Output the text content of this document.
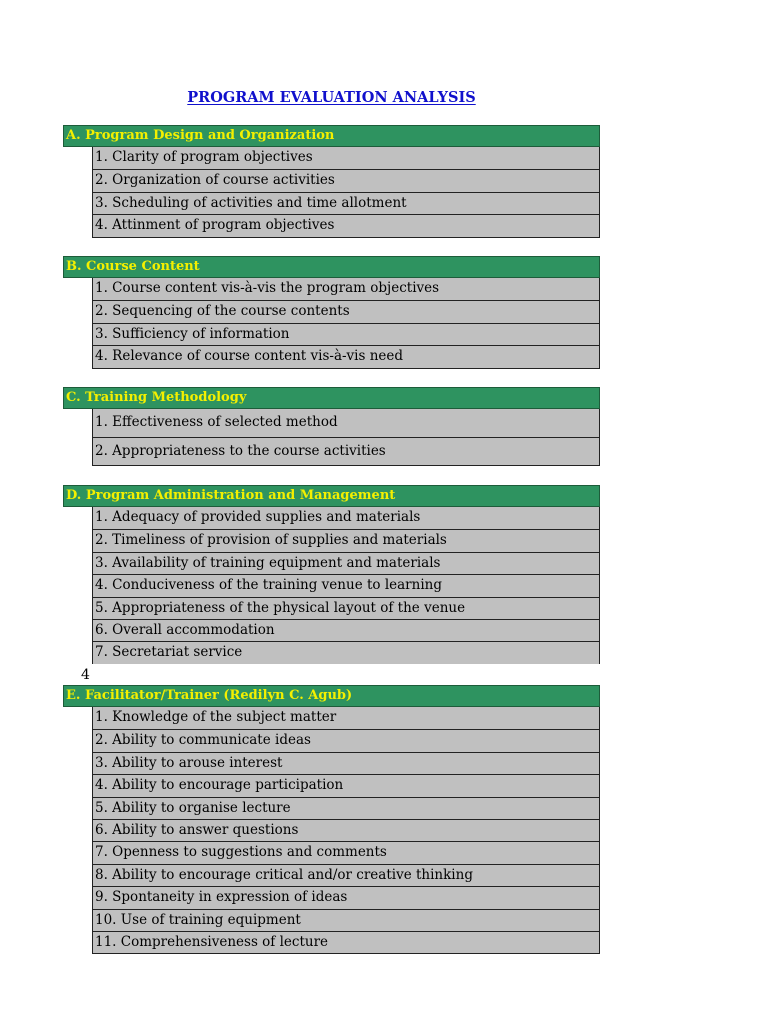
PROGRAM EVALUATION ANALYSIS
A. Program Design and Organization
1. Clarity of program objectives
2. Organization of course activities
3. Scheduling of activities and time allotment
4. Attinment of program objectives
B. Course Content
1. Course content vis-à-vis the program objectives
2. Sequencing of the course contents
3. Sufficiency of information
4. Relevance of course content vis-à-vis need
C. Training Methodology
1. Effectiveness of selected method
2. Appropriateness to the course activities
D. Program Administration and Management
1. Adequacy of provided supplies and materials
2. Timeliness of provision of supplies and materials
3. Availability of training equipment and materials
4. Conduciveness of the training venue to learning
5. Appropriateness of the physical layout of the venue
6. Overall accommodation
7. Secretariat service
4
E. Facilitator/Trainer (Redilyn C. Agub)
1. Knowledge of the subject matter
2. Ability to communicate ideas
3. Ability to arouse interest
4. Ability to encourage participation
5. Ability to organise lecture
6. Ability to answer questions
7. Openness to suggestions and comments
8. Ability to encourage critical and/or creative thinking
9. Spontaneity in expression of ideas
10. Use of training equipment
11. Comprehensiveness of lecture
